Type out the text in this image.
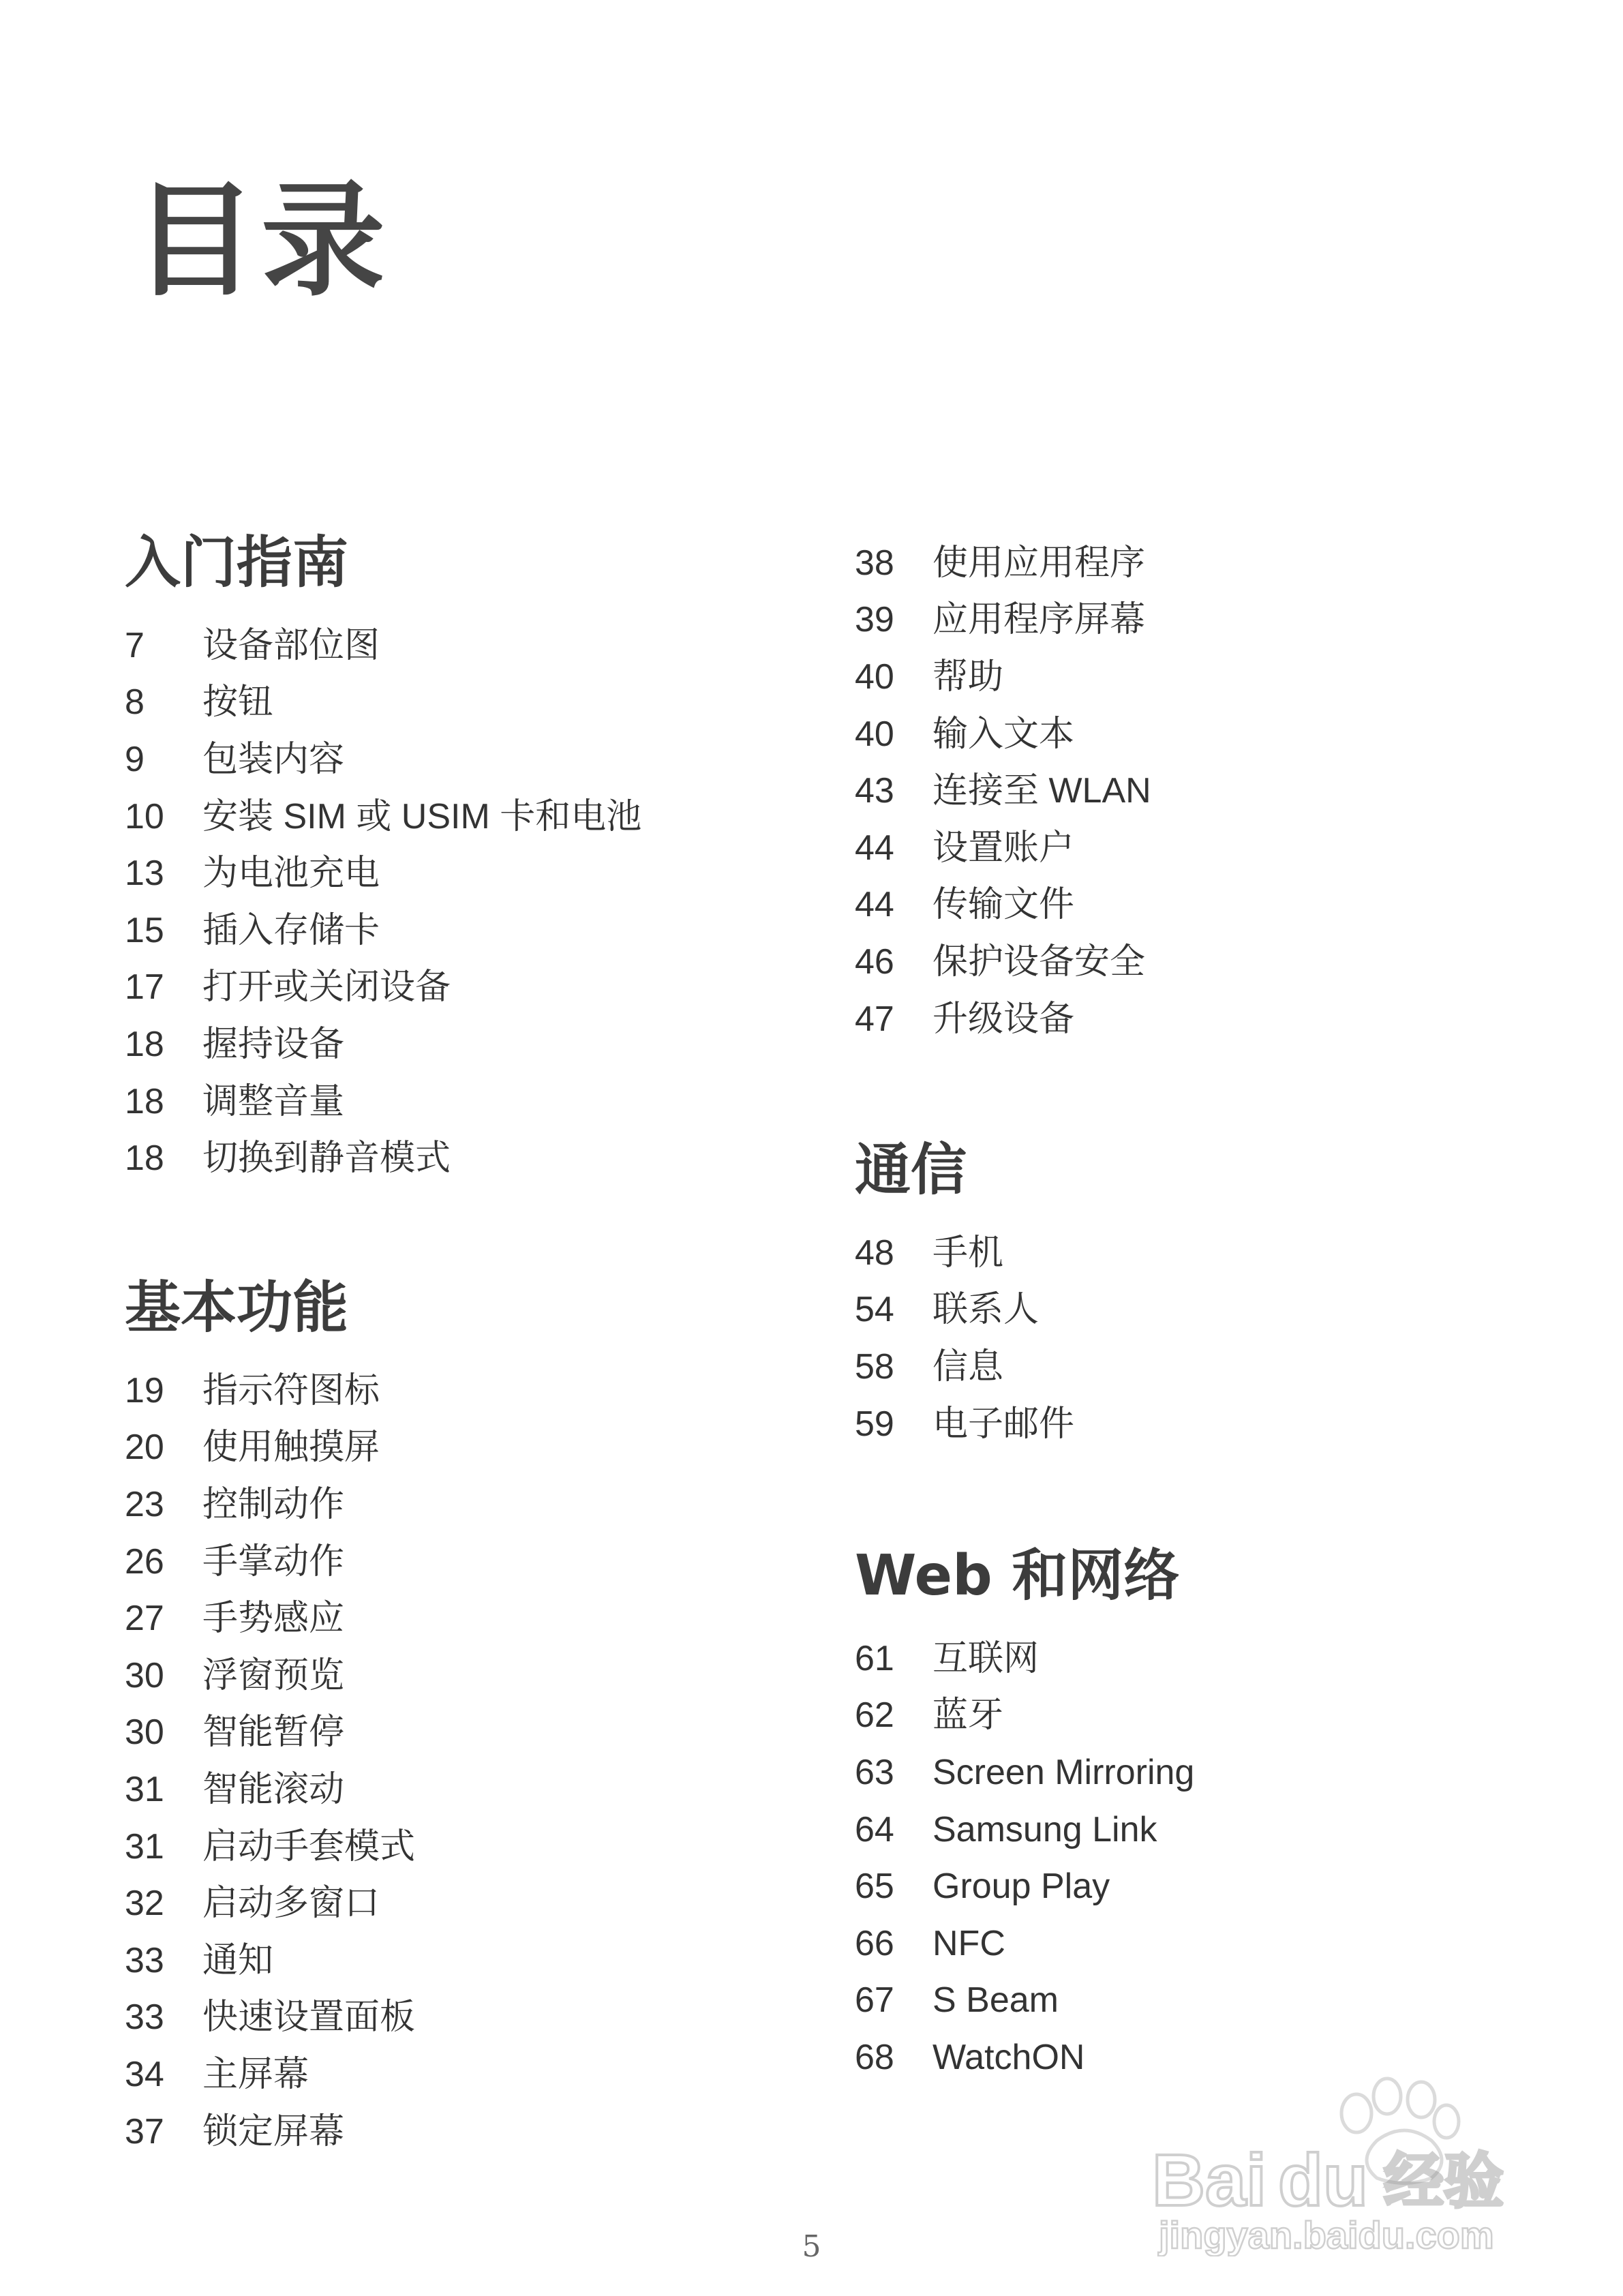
目录
入门指南
7	设备部位图
8	按钮
9	包装内容
10	安装 SIM 或 USIM 卡和电池
13	为电池充电
15	插入存储卡
17	打开或关闭设备
18	握持设备
18	调整音量
18	切换到静音模式
基本功能
19	指示符图标
20	使用触摸屏
23	控制动作
26	手掌动作
27	手势感应
30	浮窗预览
30	智能暂停
31	智能滚动
31	启动手套模式
32	启动多窗口
33	通知
33	快速设置面板
34	主屏幕
37	锁定屏幕
38	使用应用程序
39	应用程序屏幕
40	帮助
40	输入文本
43	连接至 WLAN
44	设置账户
44	传输文件
46	保护设备安全
47	升级设备
通信
48	手机
54	联系人
58	信息
59	电子邮件
Web 和网络
61	互联网
62	蓝牙
63	Screen Mirroring
64	Samsung Link
65	Group Play
66	NFC
67	S Beam
68	WatchON
5
Bai du 经验
jingyan.baidu.com
